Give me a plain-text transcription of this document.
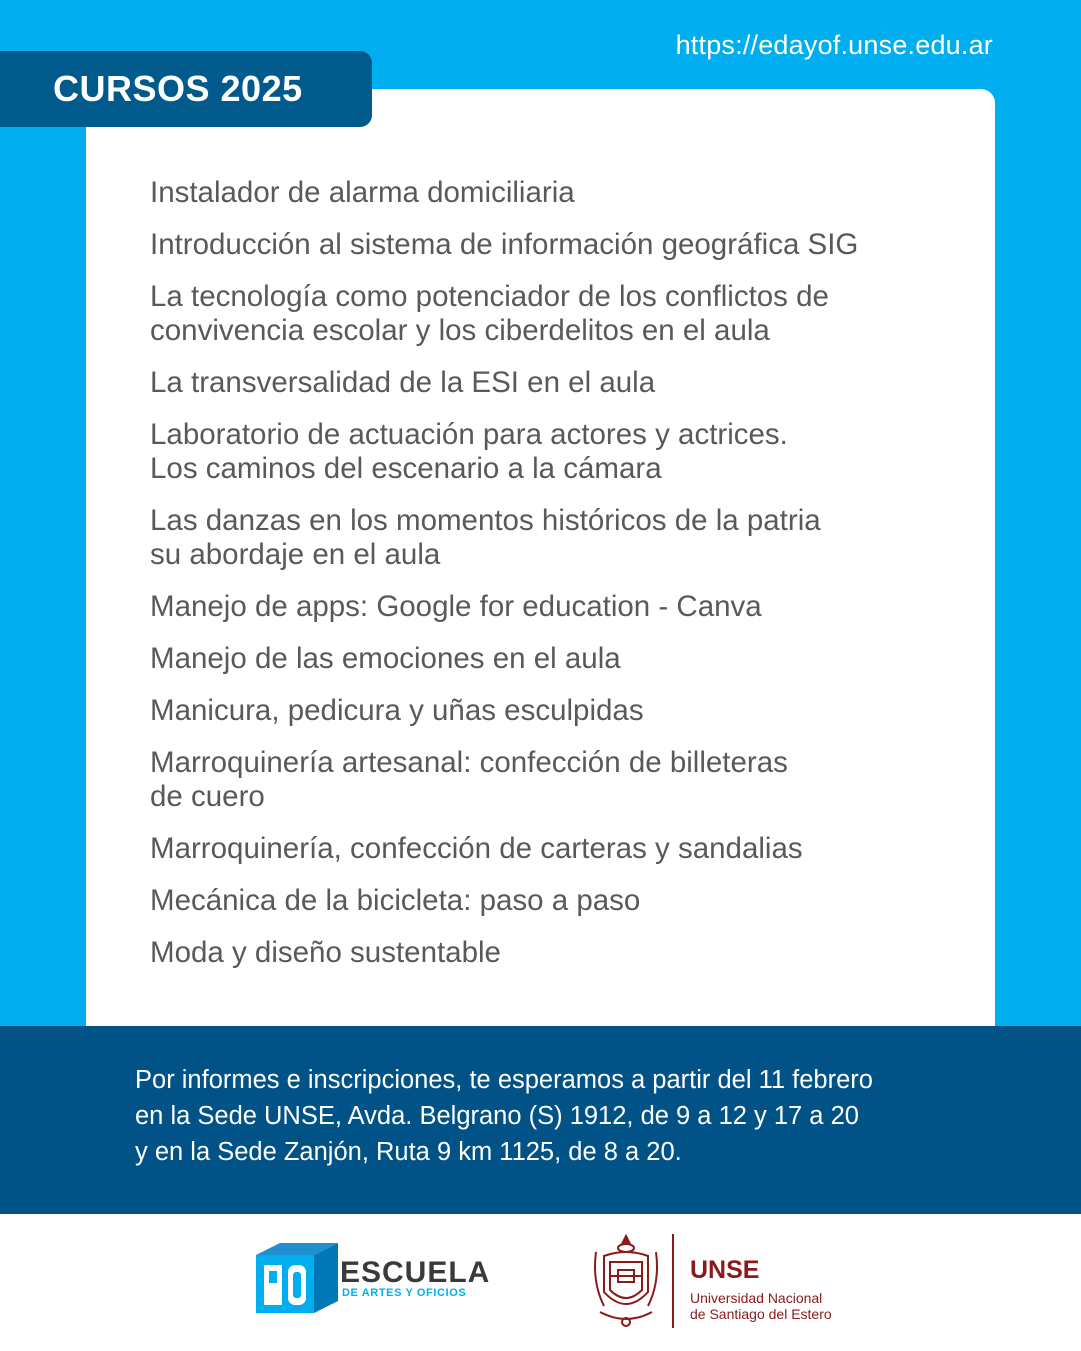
https://edayof.unse.edu.ar
CURSOS 2025
Instalador de alarma domiciliaria
Introducción al sistema de información geográfica SIG
La tecnología como potenciador de los conflictos de
convivencia escolar y los ciberdelitos en el aula
La transversalidad de la ESI en el aula
Laboratorio de actuación para actores y actrices.
Los caminos del escenario a la cámara
Las danzas en los momentos históricos de la patria
su abordaje en el aula
Manejo de apps: Google for education - Canva
Manejo de las emociones en el aula
Manicura, pedicura y uñas esculpidas
Marroquinería artesanal: confección de billeteras
de cuero
Marroquinería, confección de carteras y sandalias
Mecánica de la bicicleta: paso a paso
Moda y diseño sustentable
Por informes e inscripciones, te esperamos a partir del 11 febrero
en la Sede UNSE, Avda. Belgrano (S) 1912, de 9 a 12 y 17 a 20
y en la Sede Zanjón, Ruta 9 km 1125, de 8 a 20.
ESCUELA
DE ARTES Y OFICIOS
UNSE
Universidad Nacional
de Santiago del Estero
